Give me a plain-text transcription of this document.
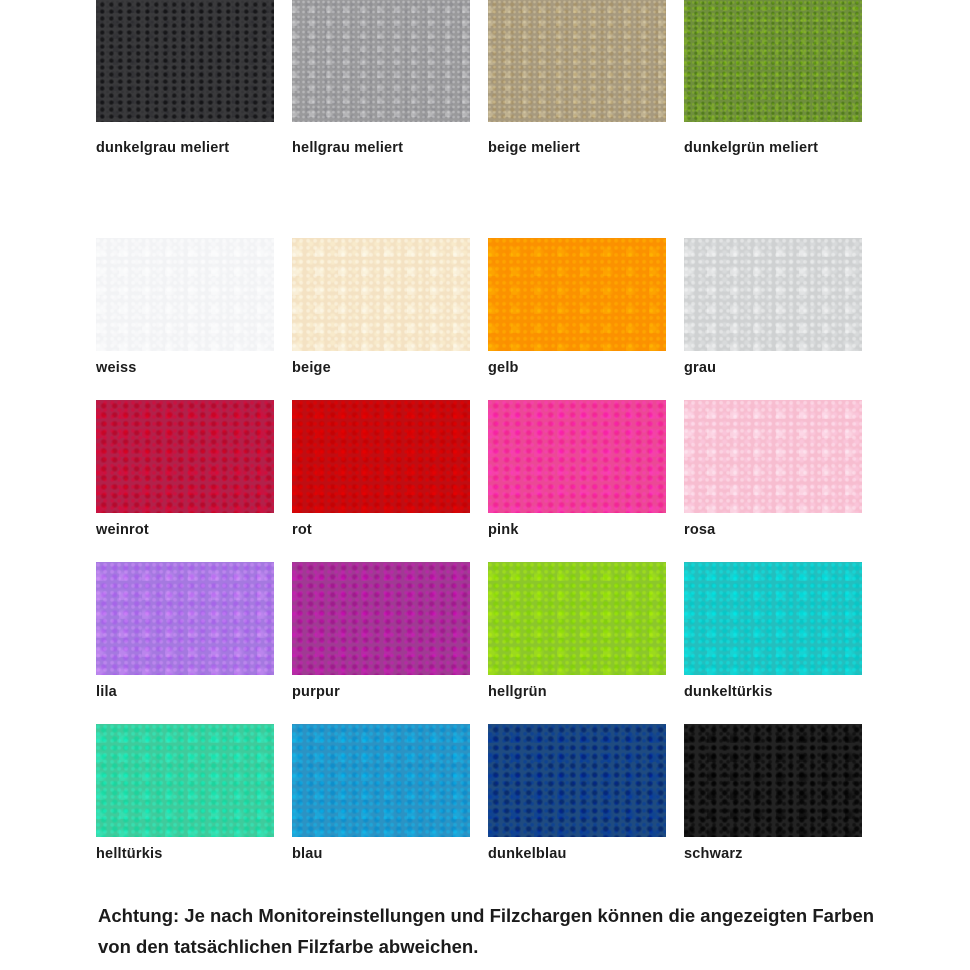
dunkelgrau meliert	hellgrau meliert	beige meliert	dunkelgrün meliert
weiss	beige	gelb	grau
weinrot	rot	pink	rosa
lila	purpur	hellgrün	dunkeltürkis
helltürkis	blau	dunkelblau	schwarz
Achtung: Je nach Monitoreinstellungen und Filzchargen können die angezeigten Farben von den tatsächlichen Filzfarbe abweichen.
